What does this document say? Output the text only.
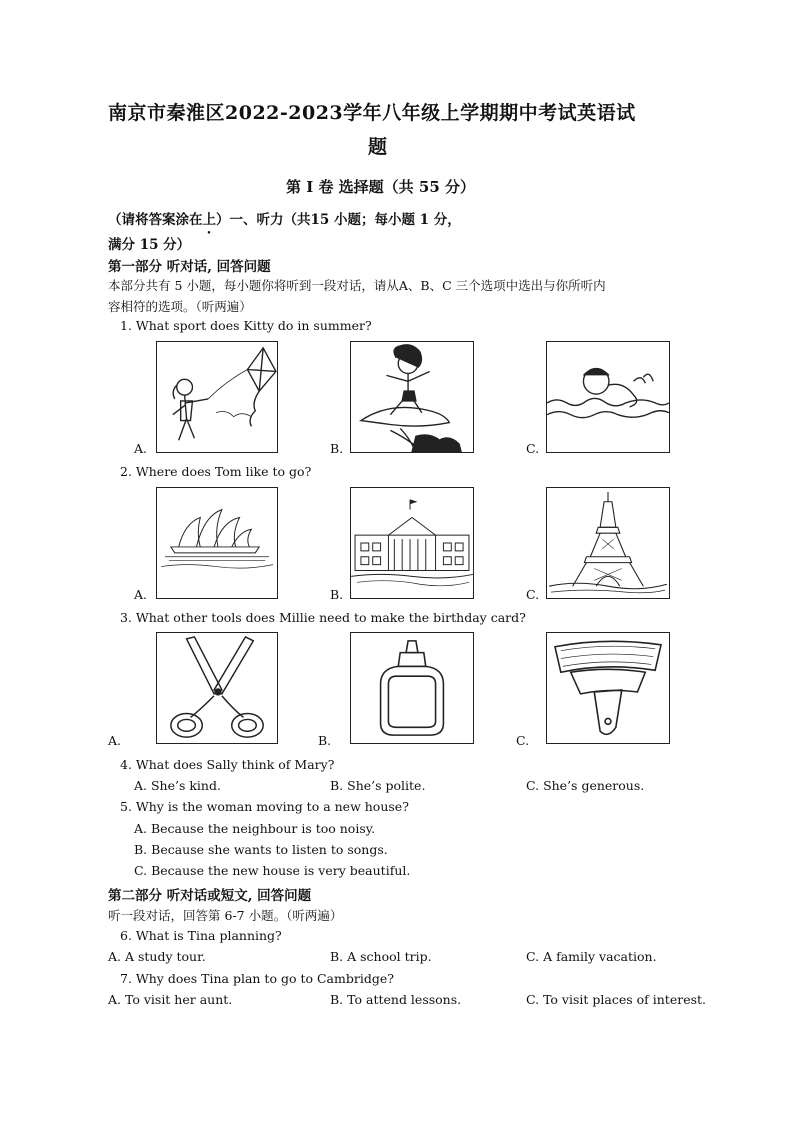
南京市秦淮区2022-2023学年八年级上学期期中考试英语试
题
第 I 卷 选择题（共 55 分）
（请将答案涂在上）一、听力（共15 小题；每小题 1 分，
满分 15 分）
第一部分 听对话, 回答问题
本部分共有 5 小题，每小题你将听到一段对话，请从A、B、C 三个选项中选出与你所听内
容相符的选项。（听两遍）
1. What sport does Kitty do in summer?
A.	B.	C.
2. Where does Tom like to go?
A.	B.	C.
3. What other tools does Millie need to make the birthday card?
A.	B.	C.
4. What does Sally think of Mary?
A. She’s kind.	B. She’s polite.	C. She’s generous.
5. Why is the woman moving to a new house?
A. Because the neighbour is too noisy.
B. Because she wants to listen to songs.
C. Because the new house is very beautiful.
第二部分 听对话或短文, 回答问题
听一段对话，回答第 6-7 小题。（听两遍）
6. What is Tina planning?
A. A study tour.	B. A school trip.	C. A family vacation.
7. Why does Tina plan to go to Cambridge?
A. To visit her aunt.	B. To attend lessons.	C. To visit places of interest.
